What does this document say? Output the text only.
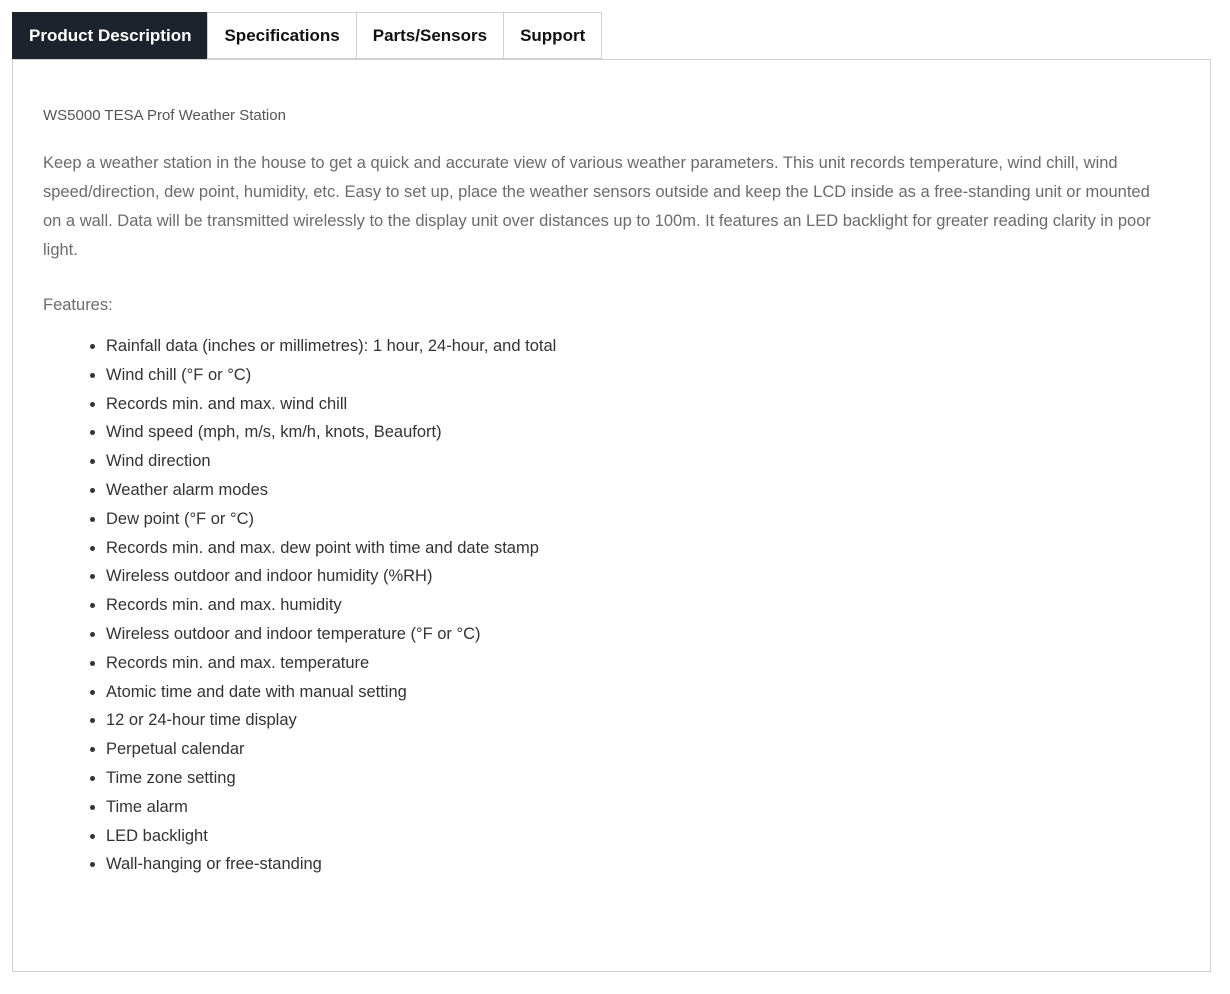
Product Description	Specifications	Parts/Sensors	Support
WS5000 TESA Prof Weather Station

Keep a weather station in the house to get a quick and accurate view of various weather parameters. This unit records temperature, wind chill, wind speed/direction, dew point, humidity, etc. Easy to set up, place the weather sensors outside and keep the LCD inside as a free-standing unit or mounted on a wall. Data will be transmitted wirelessly to the display unit over distances up to 100m. It features an LED backlight for greater reading clarity in poor light.

Features:
• Rainfall data (inches or millimetres): 1 hour, 24-hour, and total
• Wind chill (°F or °C)
• Records min. and max. wind chill
• Wind speed (mph, m/s, km/h, knots, Beaufort)
• Wind direction
• Weather alarm modes
• Dew point (°F or °C)
• Records min. and max. dew point with time and date stamp
• Wireless outdoor and indoor humidity (%RH)
• Records min. and max. humidity
• Wireless outdoor and indoor temperature (°F or °C)
• Records min. and max. temperature
• Atomic time and date with manual setting
• 12 or 24-hour time display
• Perpetual calendar
• Time zone setting
• Time alarm
• LED backlight
• Wall-hanging or free-standing
